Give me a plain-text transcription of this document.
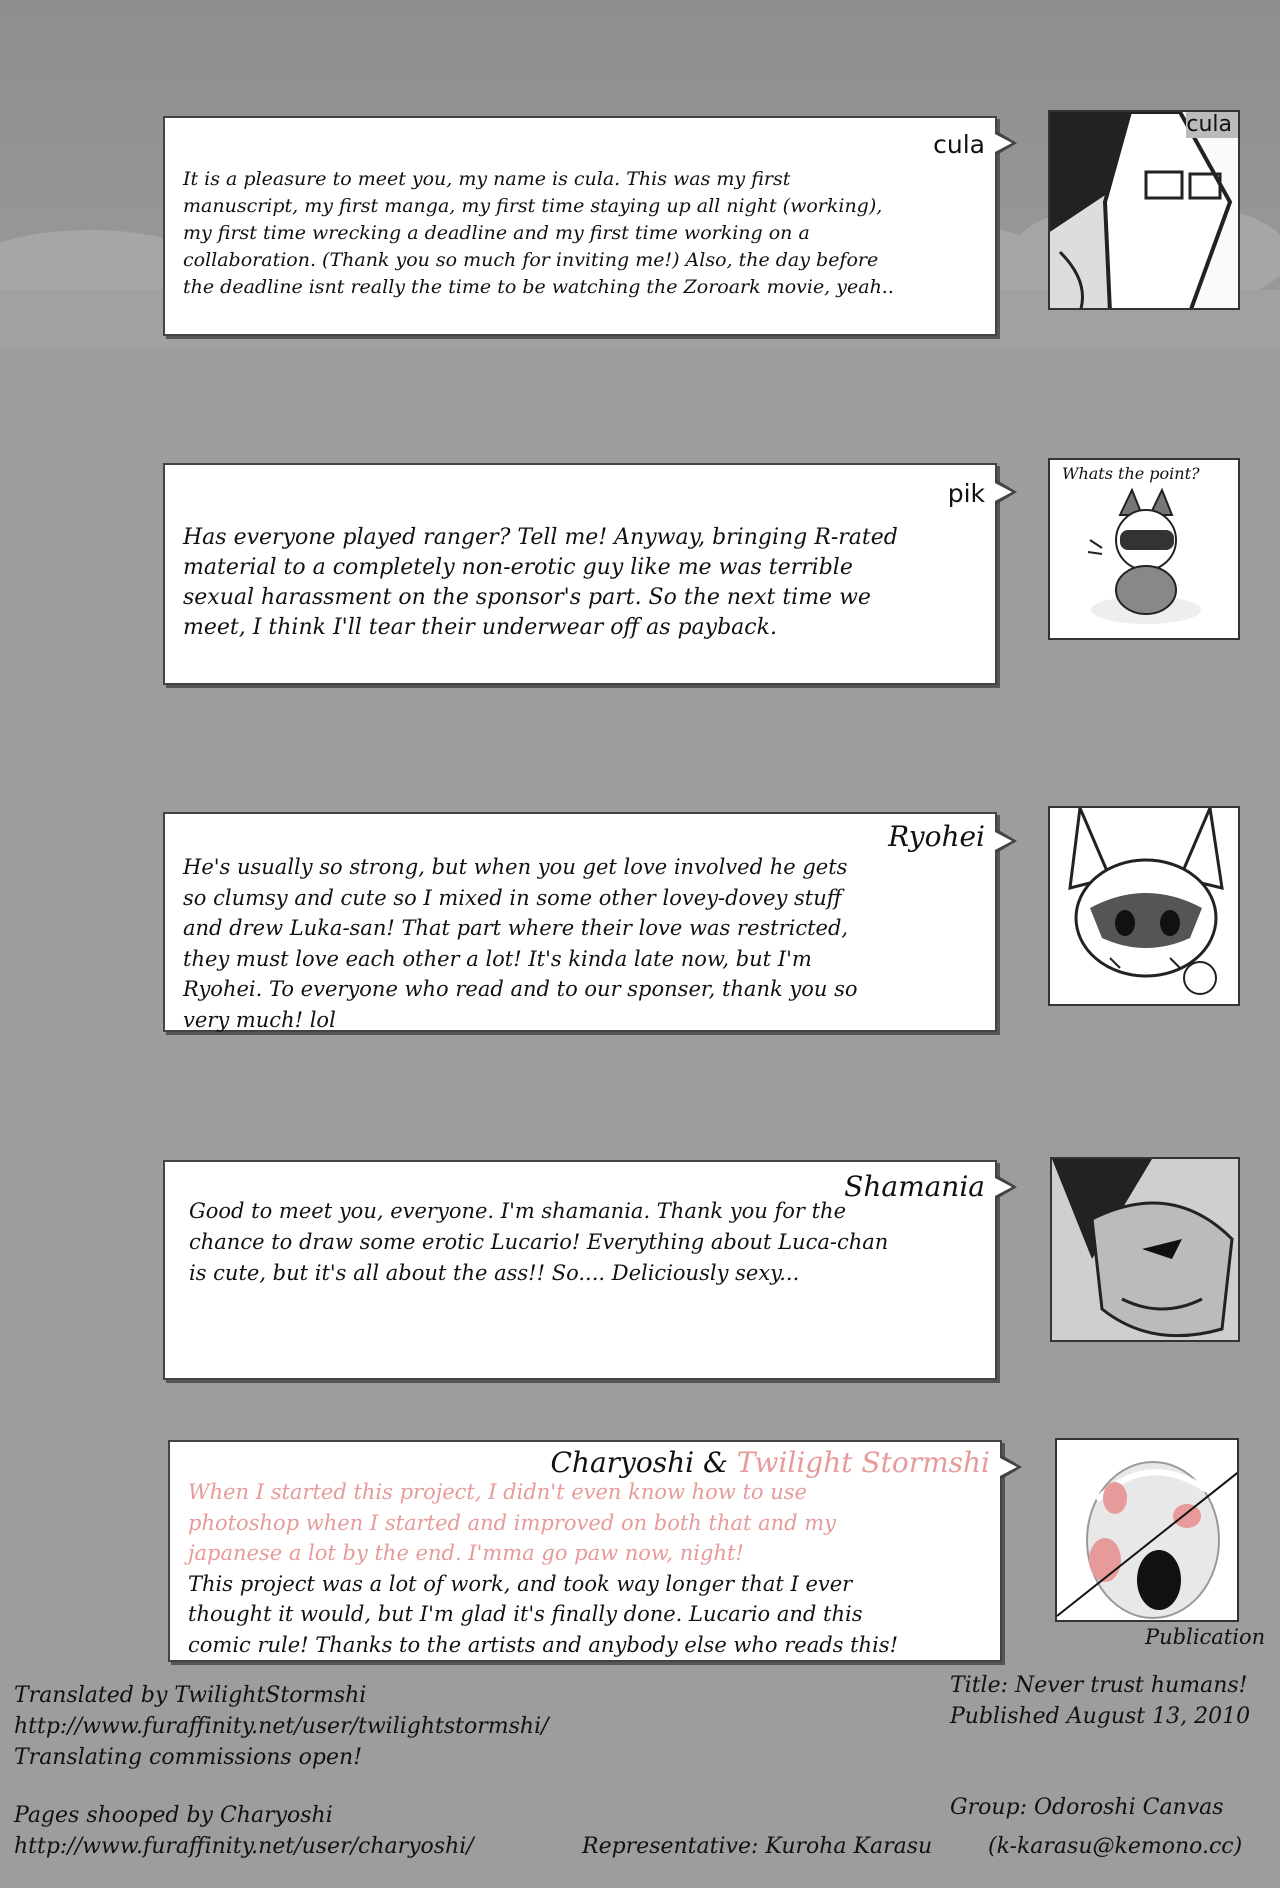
cula

It is a pleasure to meet you, my name is cula. This was my first

manuscript, my first manga, my first time staying up all night (working),

my first time wrecking a deadline and my first time working on a

collaboration. (Thank you so much for inviting me!) Also, the day before

the deadline isnt really the time to be watching the Zoroark movie, yeah..

cula
pik

Has everyone played ranger? Tell me! Anyway, bringing R-rated

material to a completely non-erotic guy like me was terrible

sexual harassment on the sponsor's part. So the next time we

meet, I think I'll tear their underwear off as payback.

Whats the point?
Ryohei

He's usually so strong, but when you get love involved he gets

so clumsy and cute so I mixed in some other lovey-dovey stuff

and drew Luka-san! That part where their love was restricted,

they must love each other a lot! It's kinda late now, but I'm

Ryohei. To everyone who read and to our sponser, thank you so

very much! lol

Shamania

Good to meet you, everyone. I'm shamania. Thank you for the

chance to draw some erotic Lucario! Everything about Luca-chan

is cute, but it's all about the ass!! So.... Deliciously sexy...

Charyoshi & Twilight Stormshi

When I started this project, I didn't even know how to use

photoshop when I started and improved on both that and my

japanese a lot by the end. I'mma go paw now, night!

This project was a lot of work, and took way longer that I ever

thought it would, but I'm glad it's finally done. Lucario and this

comic rule! Thanks to the artists and anybody else who reads this!	Publication
Translated by TwilightStormshi
http://www.furaffinity.net/user/twilightstormshi/
Translating commissions open!
Pages shooped by Charyoshi
http://www.furaffinity.net/user/charyoshi/
Title: Never trust humans!
Published August 13, 2010
Group: Odoroshi Canvas
Representative: Kuroha Karasu	(k-karasu@kemono.cc)
